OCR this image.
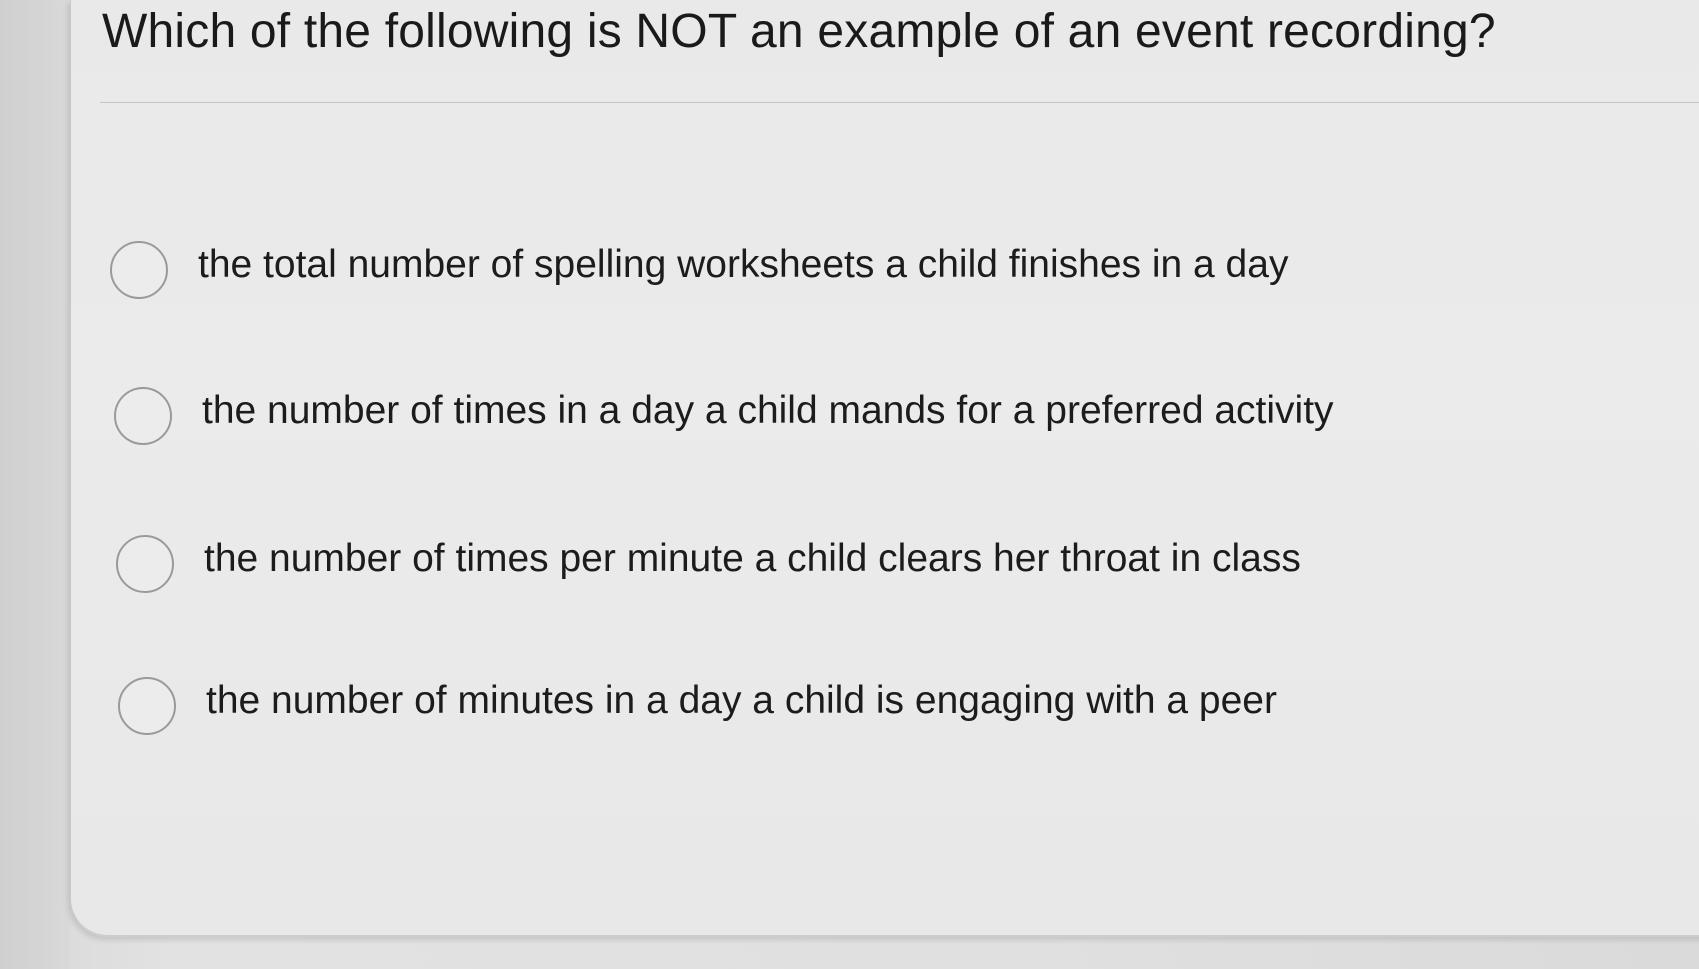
Which of the following is NOT an example of an event recording?
the total number of spelling worksheets a child finishes in a day
the number of times in a day a child mands for a preferred activity
the number of times per minute a child clears her throat in class
the number of minutes in a day a child is engaging with a peer
